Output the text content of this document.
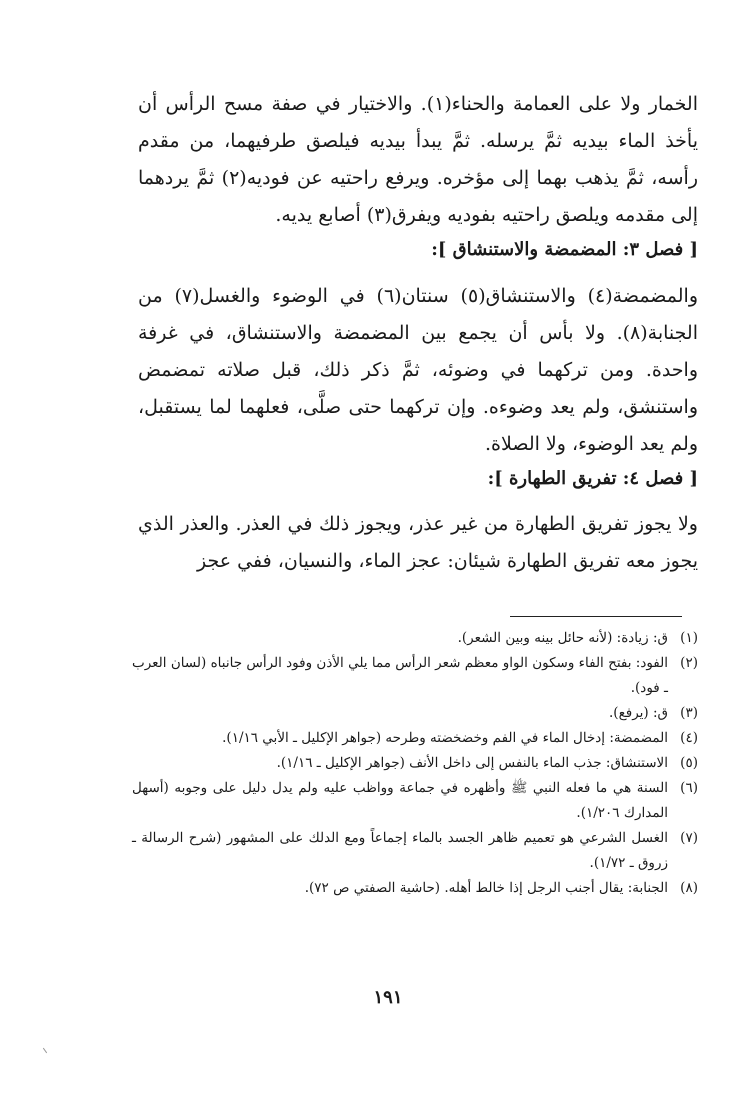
الخمار ولا على العمامة والحناء(١). والاختيار في صفة مسح الرأس أن يأخذ الماء بيديه ثمَّ يرسله. ثمَّ يبدأ بيديه فيلصق طرفيهما، من مقدم رأسه، ثمَّ يذهب بهما إلى مؤخره. ويرفع راحتيه عن فوديه(٢) ثمَّ يردهما إلى مقدمه ويلصق راحتيه بفوديه ويفرق(٣) أصابع يديه.

[ فصل ٣: المضمضة والاستنشاق ]:

والمضمضة(٤) والاستنشاق(٥) سنتان(٦) في الوضوء والغسل(٧) من الجنابة(٨). ولا بأس أن يجمع بين المضمضة والاستنشاق، في غرفة واحدة. ومن تركهما في وضوئه، ثمَّ ذكر ذلك، قبل صلاته تمضمض واستنشق، ولم يعد وضوءه. وإن تركهما حتى صلَّى، فعلهما لما يستقبل، ولم يعد الوضوء، ولا الصلاة.

[ فصل ٤: تفريق الطهارة ]:

ولا يجوز تفريق الطهارة من غير عذر، ويجوز ذلك في العذر. والعذر الذي يجوز معه تفريق الطهارة شيئان: عجز الماء، والنسيان، ففي عجز

(١)ق: زيادة: (لأنه حائل بينه وبين الشعر).

(٢)الفود: بفتح الفاء وسكون الواو معظم شعر الرأس مما يلي الأذن وفود الرأس جانباه (لسان العرب ـ فود).

(٣)ق: (يرفع).

(٤)المضمضة: إدخال الماء في الفم وخضخضته وطرحه (جواهر الإكليل ـ الأبي ١/١٦).

(٥)الاستنشاق: جذب الماء بالنفس إلى داخل الأنف (جواهر الإكليل ـ ١/١٦).

(٦)السنة هي ما فعله النبي ﷺ وأظهره في جماعة وواظب عليه ولم يدل دليل على وجوبه (أسهل المدارك ١/٢٠٦).

(٧)الغسل الشرعي هو تعميم ظاهر الجسد بالماء إجماعاً ومع الدلك على المشهور (شرح الرسالة ـ زروق ـ ١/٧٢).

(٨)الجنابة: يقال أجنب الرجل إذا خالط أهله. (حاشية الصفتي ص ٧٢).

١٩١
